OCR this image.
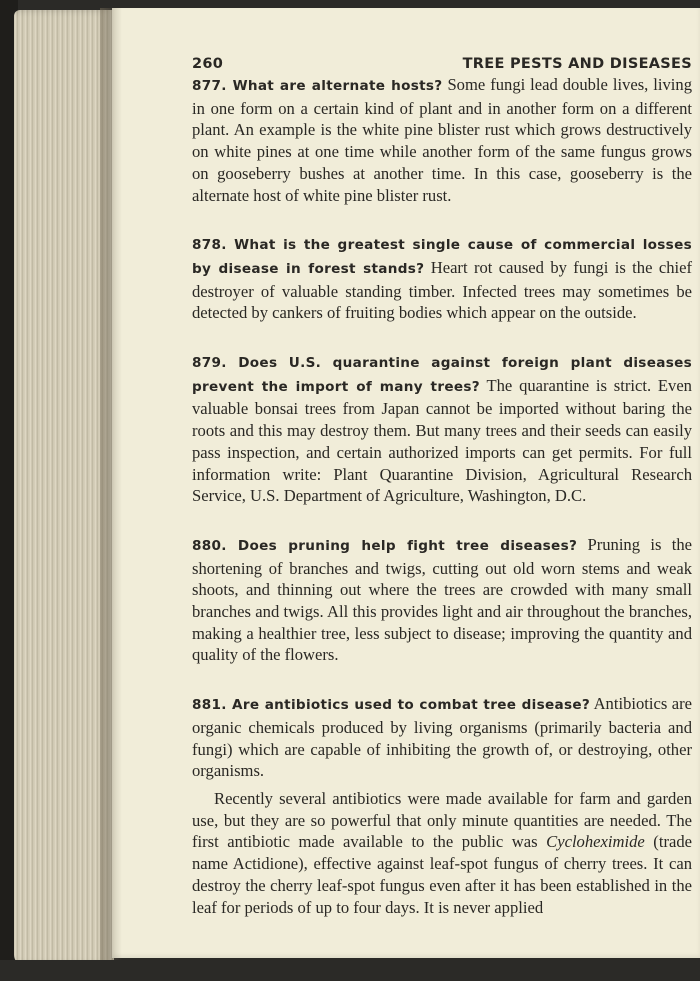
260	TREE PESTS AND DISEASES

877. What are alternate hosts? Some fungi lead double lives, living in one form on a certain kind of plant and in another form on a different plant. An example is the white pine blister rust which grows destructively on white pines at one time while another form of the same fungus grows on gooseberry bushes at another time. In this case, gooseberry is the alternate host of white pine blister rust.

878. What is the greatest single cause of commercial losses by disease in forest stands? Heart rot caused by fungi is the chief destroyer of valuable standing timber. Infected trees may sometimes be detected by cankers of fruiting bodies which appear on the outside.

879. Does U.S. quarantine against foreign plant diseases prevent the import of many trees? The quarantine is strict. Even valuable bonsai trees from Japan cannot be imported without baring the roots and this may destroy them. But many trees and their seeds can easily pass inspection, and certain authorized imports can get permits. For full information write: Plant Quarantine Division, Agricultural Research Service, U.S. Department of Agriculture, Washington, D.C.

880. Does pruning help fight tree diseases? Pruning is the shortening of branches and twigs, cutting out old worn stems and weak shoots, and thinning out where the trees are crowded with many small branches and twigs. All this provides light and air throughout the branches, making a healthier tree, less subject to disease; improving the quantity and quality of the flowers.

881. Are antibiotics used to combat tree disease? Antibiotics are organic chemicals produced by living organisms (primarily bacteria and fungi) which are capable of inhibiting the growth of, or destroying, other organisms.

Recently several antibiotics were made available for farm and garden use, but they are so powerful that only minute quantities are needed. The first antibiotic made available to the public was Cycloheximide (trade name Actidione), effective against leaf-spot fungus of cherry trees. It can destroy the cherry leaf-spot fungus even after it has been established in the leaf for periods of up to four days. It is never applied
